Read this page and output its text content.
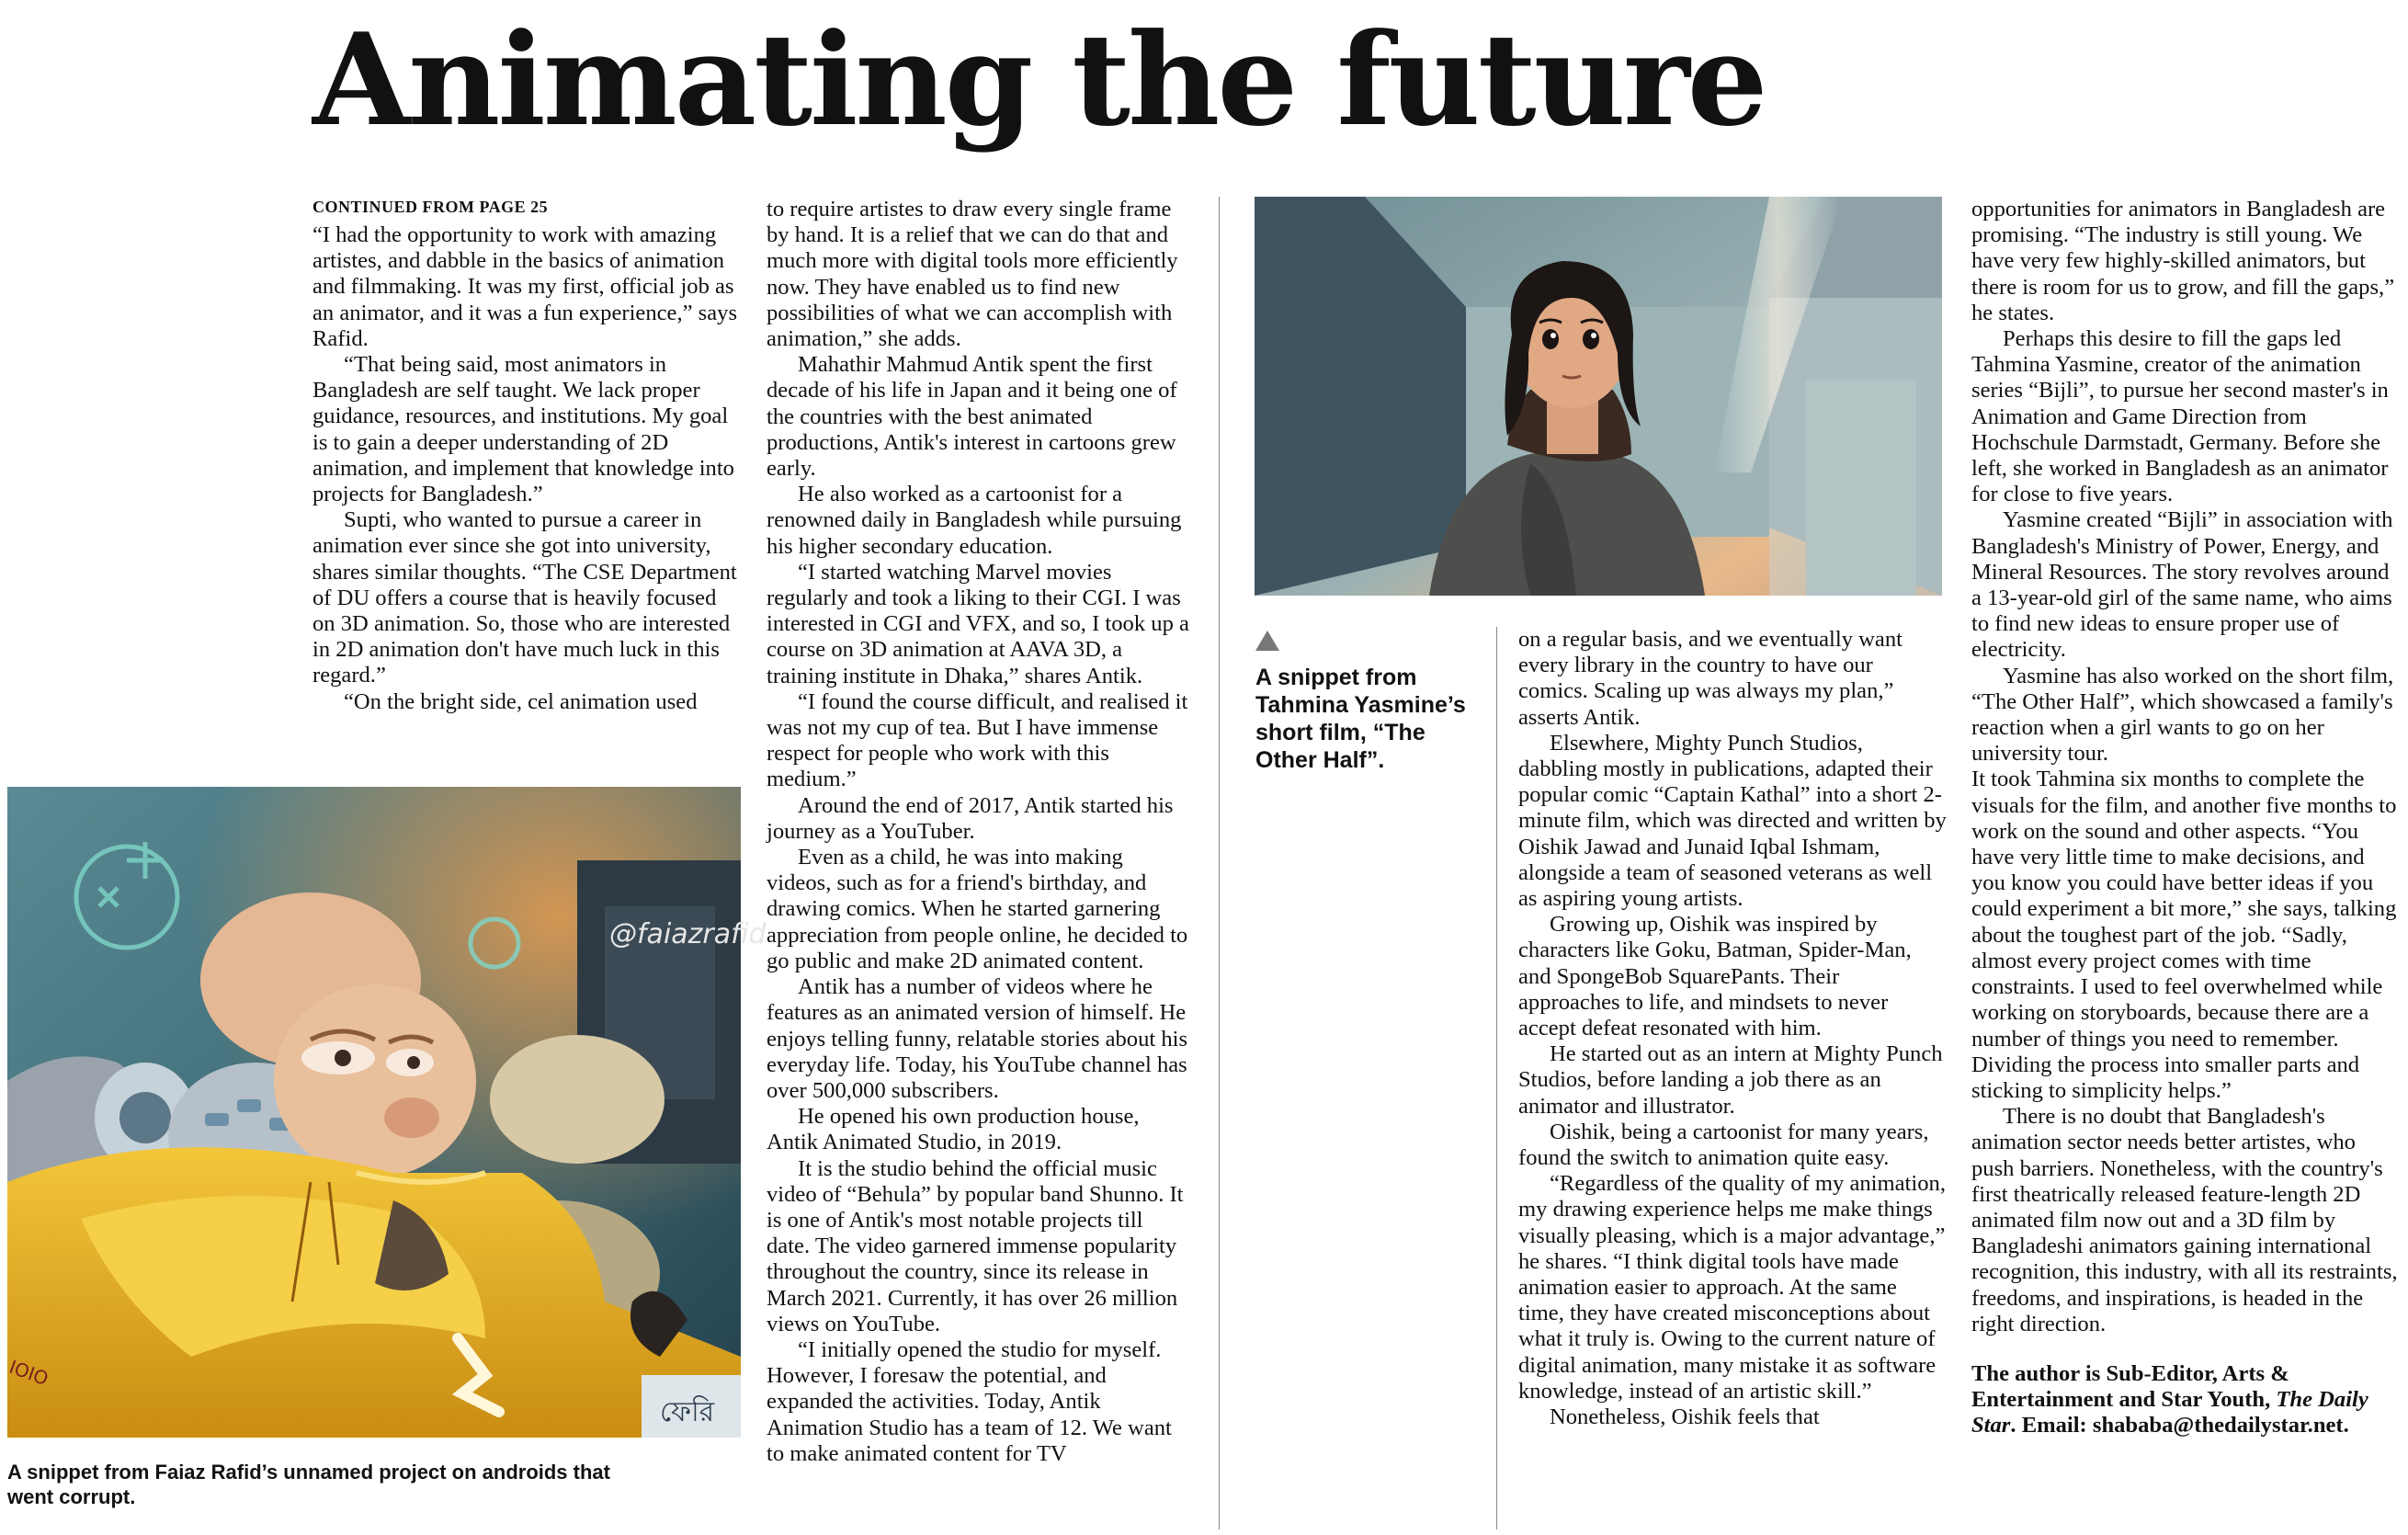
Animating the future
CONTINUED FROM PAGE 25

“I had the opportunity to work with amazing artistes, and dabble in the basics of animation and filmmaking. It was my first, official job as an animator, and it was a fun experience,” says Rafid.

“That being said, most animators in Bangladesh are self taught. We lack proper guidance, resources, and institutions. My goal is to gain a deeper understanding of 2D animation, and implement that knowledge into projects for Bangladesh.”

Supti, who wanted to pursue a career in animation ever since she got into university, shares similar thoughts. “The CSE Department of DU offers a course that is heavily focused on 3D animation. So, those who are interested in 2D animation don't have much luck in this regard.”

“On the bright side, cel animation used

@faiazrafid
ফেরি
IOIO
A snippet from Faiaz Rafid’s unnamed project on androids that went corrupt.

to require artistes to draw every single frame by hand. It is a relief that we can do that and much more with digital tools more efficiently now. They have enabled us to find new possibilities of what we can accomplish with animation,” she adds.

Mahathir Mahmud Antik spent the first decade of his life in Japan and it being one of the countries with the best animated productions, Antik's interest in cartoons grew early.

He also worked as a cartoonist for a renowned daily in Bangladesh while pursuing his higher secondary education.

“I started watching Marvel movies regularly and took a liking to their CGI. I was interested in CGI and VFX, and so, I took up a course on 3D animation at AAVA 3D, a training institute in Dhaka,” shares Antik.

“I found the course difficult, and realised it was not my cup of tea. But I have immense respect for people who work with this medium.”

Around the end of 2017, Antik started his journey as a YouTuber.

Even as a child, he was into making videos, such as for a friend's birthday, and drawing comics. When he started garnering appreciation from people online, he decided to go public and make 2D animated content.

Antik has a number of videos where he features as an animated version of himself. He enjoys telling funny, relatable stories about his everyday life. Today, his YouTube channel has over 500,000 subscribers.

He opened his own production house, Antik Animated Studio, in 2019.

It is the studio behind the official music video of “Behula” by popular band Shunno. It is one of Antik's most notable projects till date. The video garnered immense popularity throughout the country, since its release in March 2021. Currently, it has over 26 million views on YouTube.

“I initially opened the studio for myself. However, I foresaw the potential, and expanded the activities. Today, Antik Animation Studio has a team of 12. We want to make animated content for TV

A snippet from Tahmina Yasmine’s short film, “The Other Half”.

on a regular basis, and we eventually want every library in the country to have our comics. Scaling up was always my plan,” asserts Antik.

Elsewhere, Mighty Punch Studios, dabbling mostly in publications, adapted their popular comic “Captain Kathal” into a short 2-minute film, which was directed and written by Oishik Jawad and Junaid Iqbal Ishmam, alongside a team of seasoned veterans as well as aspiring young artists.

Growing up, Oishik was inspired by characters like Goku, Batman, Spider-Man, and SpongeBob SquarePants. Their approaches to life, and mindsets to never accept defeat resonated with him.

He started out as an intern at Mighty Punch Studios, before landing a job there as an animator and illustrator.

Oishik, being a cartoonist for many years, found the switch to animation quite easy.

“Regardless of the quality of my animation, my drawing experience helps me make things visually pleasing, which is a major advantage,” he shares. “I think digital tools have made animation easier to approach. At the same time, they have created misconceptions about what it truly is. Owing to the current nature of digital animation, many mistake it as software knowledge, instead of an artistic skill.”

Nonetheless, Oishik feels that

opportunities for animators in Bangladesh are promising. “The industry is still young. We have very few highly-skilled animators, but there is room for us to grow, and fill the gaps,” he states.

Perhaps this desire to fill the gaps led Tahmina Yasmine, creator of the animation series “Bijli”, to pursue her second master's in Animation and Game Direction from Hochschule Darmstadt, Germany. Before she left, she worked in Bangladesh as an animator for close to five years.

Yasmine created “Bijli” in association with Bangladesh's Ministry of Power, Energy, and Mineral Resources. The story revolves around a 13-year-old girl of the same name, who aims to find new ideas to ensure proper use of electricity.

Yasmine has also worked on the short film, “The Other Half”, which showcased a family's reaction when a girl wants to go on her university tour.

It took Tahmina six months to complete the visuals for the film, and another five months to work on the sound and other aspects. “You have very little time to make decisions, and you know you could have better ideas if you could experiment a bit more,” she says, talking about the toughest part of the job. “Sadly, almost every project comes with time constraints. I used to feel overwhelmed while working on storyboards, because there are a number of things you need to remember. Dividing the process into smaller parts and sticking to simplicity helps.”

There is no doubt that Bangladesh's animation sector needs better artistes, who push barriers. Nonetheless, with the country's first theatrically released feature-length 2D animated film now out and a 3D film by Bangladeshi animators gaining international recognition, this industry, with all its restraints, freedoms, and inspirations, is headed in the right direction.

The author is Sub-Editor, Arts & Entertainment and Star Youth, The Daily Star. Email: shababa@thedailystar.net.
